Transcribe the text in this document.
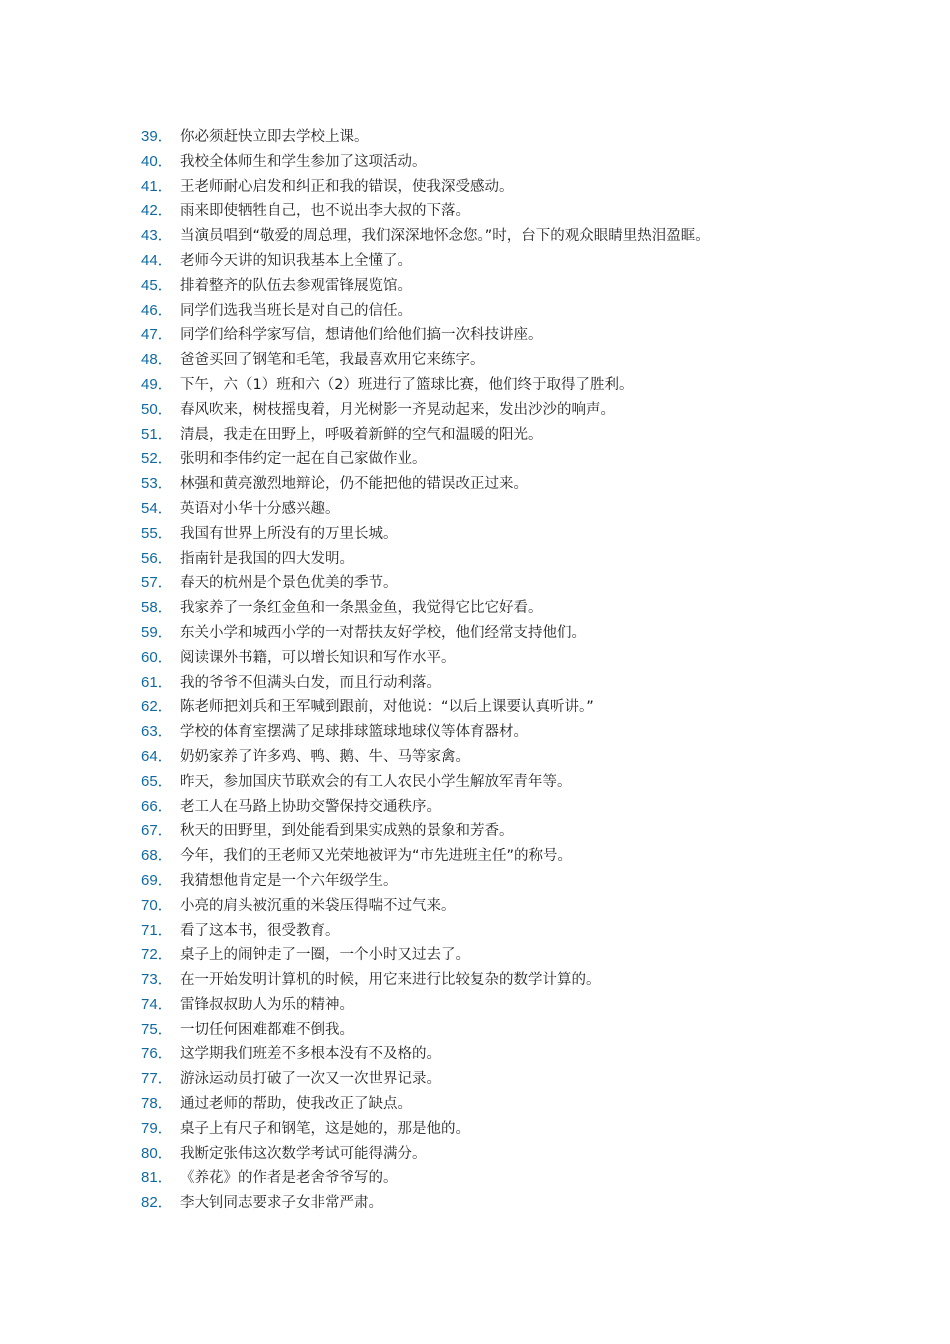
39． 你必须赶快立即去学校上课。
40． 我校全体师生和学生参加了这项活动。
41． 王老师耐心启发和纠正和我的错误，使我深受感动。
42． 雨来即使牺牲自己，也不说出李大叔的下落。
43． 当演员唱到“敬爱的周总理，我们深深地怀念您。”时，台下的观众眼睛里热泪盈眶。
44． 老师今天讲的知识我基本上全懂了。
45． 排着整齐的队伍去参观雷锋展览馆。
46． 同学们选我当班长是对自己的信任。
47． 同学们给科学家写信，想请他们给他们搞一次科技讲座。
48． 爸爸买回了钢笔和毛笔，我最喜欢用它来练字。
49． 下午，六（1）班和六（2）班进行了篮球比赛，他们终于取得了胜利。
50． 春风吹来，树枝摇曳着，月光树影一齐晃动起来，发出沙沙的响声。
51． 清晨，我走在田野上，呼吸着新鲜的空气和温暖的阳光。
52． 张明和李伟约定一起在自己家做作业。
53． 林强和黄亮激烈地辩论，仍不能把他的错误改正过来。
54． 英语对小华十分感兴趣。
55． 我国有世界上所没有的万里长城。
56． 指南针是我国的四大发明。
57． 春天的杭州是个景色优美的季节。
58． 我家养了一条红金鱼和一条黑金鱼，我觉得它比它好看。
59． 东关小学和城西小学的一对帮扶友好学校，他们经常支持他们。
60． 阅读课外书籍，可以增长知识和写作水平。
61． 我的爷爷不但满头白发，而且行动利落。
62． 陈老师把刘兵和王军喊到跟前，对他说：“以后上课要认真听讲。”
63． 学校的体育室摆满了足球排球篮球地球仪等体育器材。
64． 奶奶家养了许多鸡、鸭、鹅、牛、马等家禽。
65． 昨天，参加国庆节联欢会的有工人农民小学生解放军青年等。
66． 老工人在马路上协助交警保持交通秩序。
67． 秋天的田野里，到处能看到果实成熟的景象和芳香。
68． 今年，我们的王老师又光荣地被评为“市先进班主任”的称号。
69． 我猜想他肯定是一个六年级学生。
70． 小亮的肩头被沉重的米袋压得喘不过气来。
71． 看了这本书，很受教育。
72． 桌子上的闹钟走了一圈，一个小时又过去了。
73． 在一开始发明计算机的时候，用它来进行比较复杂的数学计算的。
74． 雷锋叔叔助人为乐的精神。
75． 一切任何困难都难不倒我。
76． 这学期我们班差不多根本没有不及格的。
77． 游泳运动员打破了一次又一次世界记录。
78． 通过老师的帮助，使我改正了缺点。
79． 桌子上有尺子和钢笔，这是她的，那是他的。
80． 我断定张伟这次数学考试可能得满分。
81． 《养花》的作者是老舍爷爷写的。
82． 李大钊同志要求子女非常严肃。
